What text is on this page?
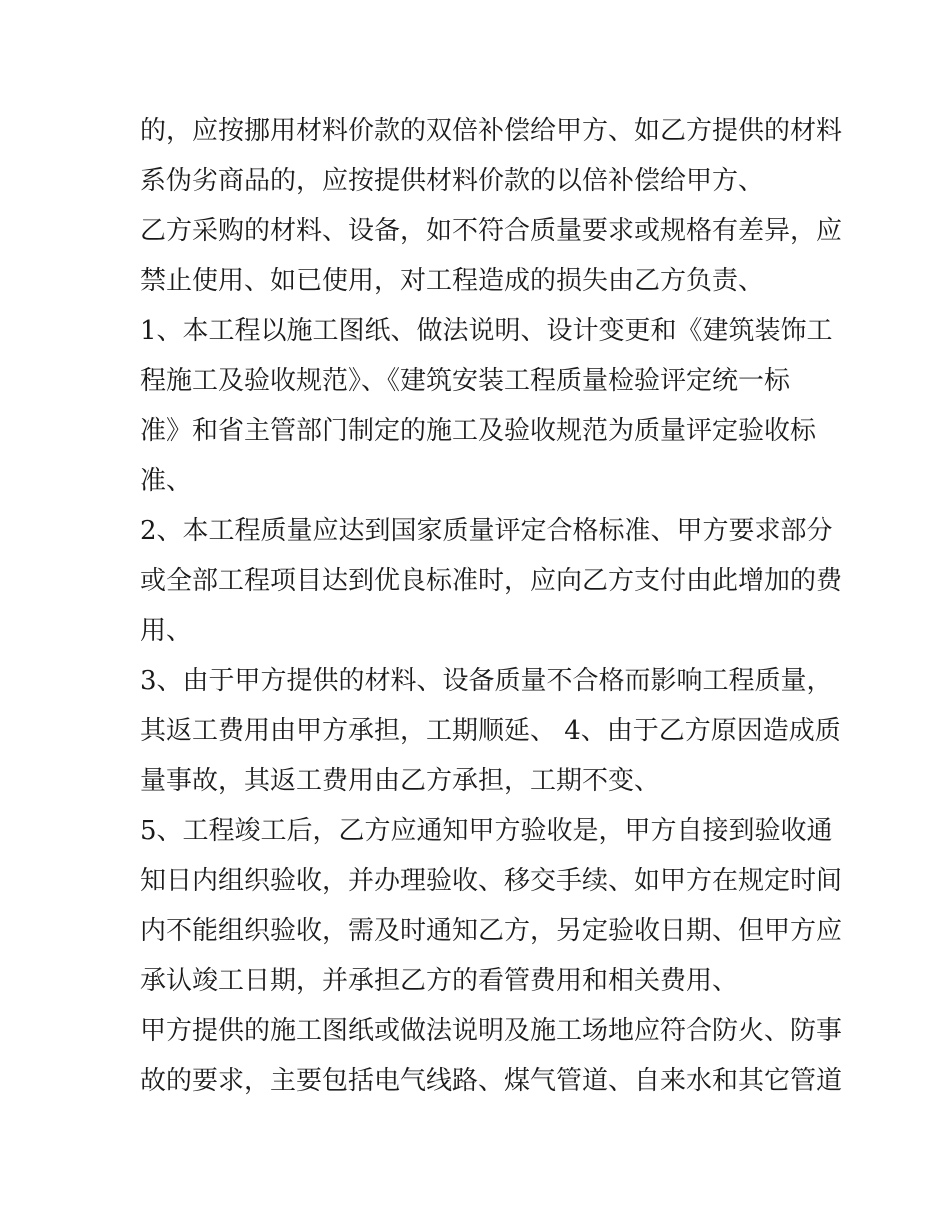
的，应按挪用材料价款的双倍补偿给甲方、如乙方提供的材料
系伪劣商品的，应按提供材料价款的以倍补偿给甲方、
乙方采购的材料、设备，如不符合质量要求或规格有差异，应
禁止使用、如已使用，对工程造成的损失由乙方负责、
1、本工程以施工图纸、做法说明、设计变更和《建筑装饰工
程施工及验收规范》、《建筑安装工程质量检验评定统一标
准》和省主管部门制定的施工及验收规范为质量评定验收标
准、
2、本工程质量应达到国家质量评定合格标准、甲方要求部分
或全部工程项目达到优良标准时，应向乙方支付由此增加的费
用、
3、由于甲方提供的材料、设备质量不合格而影响工程质量，
其返工费用由甲方承担，工期顺延、 4、由于乙方原因造成质
量事故，其返工费用由乙方承担，工期不变、
5、工程竣工后，乙方应通知甲方验收是，甲方自接到验收通
知日内组织验收，并办理验收、移交手续、如甲方在规定时间
内不能组织验收，需及时通知乙方，另定验收日期、但甲方应
承认竣工日期，并承担乙方的看管费用和相关费用、
甲方提供的施工图纸或做法说明及施工场地应符合防火、防事
故的要求，主要包括电气线路、煤气管道、自来水和其它管道
